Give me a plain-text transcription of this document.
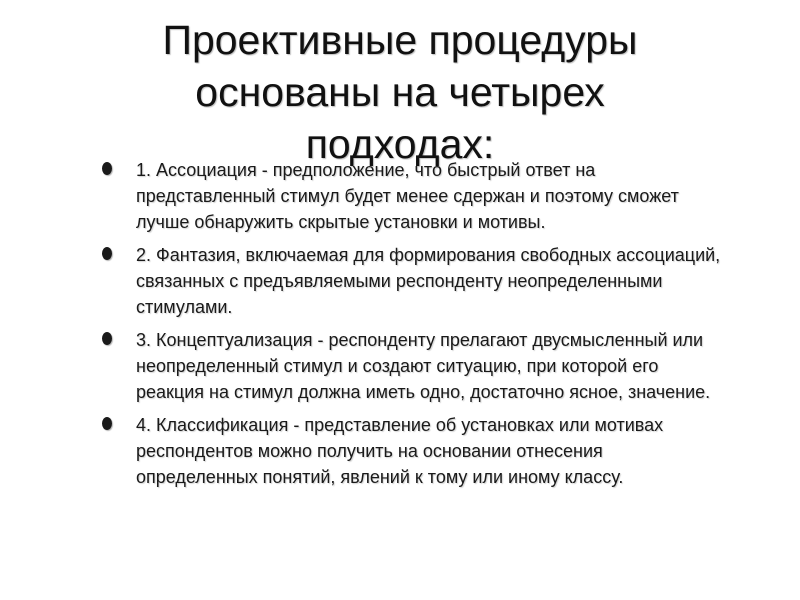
Проективные процедуры
основаны на четырех
подходах:
1. Ассоциация - предположение, что быстрый ответ на представленный стимул будет менее сдержан и поэтому сможет лучше обнаружить скрытые установки и мотивы.
2. Фантазия, включаемая для формирования свободных ассоциаций, связанных с предъявляемыми респонденту неопределенными стимулами.
3. Концептуализация - респонденту прелагают двусмысленный или неопределенный стимул и создают ситуацию, при которой его реакция на стимул должна иметь одно, достаточно ясное, значение.
4. Классификация - представление об установках или мотивах респондентов можно получить на основании отнесения определенных понятий, явлений к тому или иному классу.
